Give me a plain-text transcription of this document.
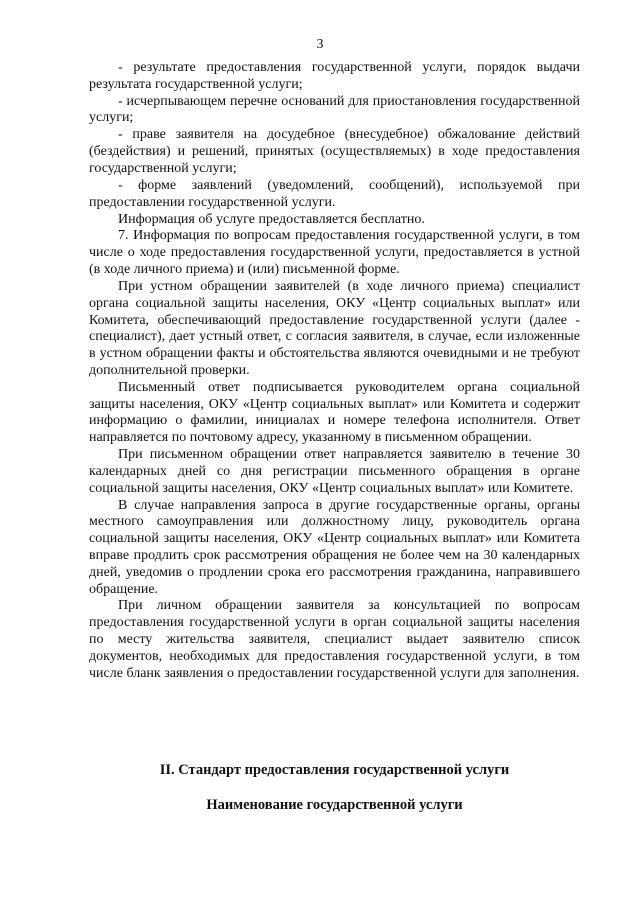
3

- результате предоставления государственной услуги, порядок выдачи результата государственной услуги;

- исчерпывающем перечне оснований для приостановления государственной услуги;

- праве заявителя на досудебное (внесудебное) обжалование действий (бездействия) и решений, принятых (осуществляемых) в ходе предоставления государственной услуги;

- форме заявлений (уведомлений, сообщений), используемой при предоставлении государственной услуги.

Информация об услуге предоставляется бесплатно.

7. Информация по вопросам предоставления государственной услуги, в том числе о ходе предоставления государственной услуги, предоставляется в устной (в ходе личного приема) и (или) письменной форме.

При устном обращении заявителей (в ходе личного приема) специалист органа социальной защиты населения, ОКУ «Центр социальных выплат» или Комитета, обеспечивающий предоставление государственной услуги (далее - специалист), дает устный ответ, с согласия заявителя, в случае, если изложенные в устном обращении факты и обстоятельства являются очевидными и не требуют дополнительной проверки.

Письменный ответ подписывается руководителем органа социальной защиты населения, ОКУ «Центр социальных выплат» или Комитета и содержит информацию о фамилии, инициалах и номере телефона исполнителя. Ответ направляется по почтовому адресу, указанному в письменном обращении.

При письменном обращении ответ направляется заявителю в течение 30 календарных дней со дня регистрации письменного обращения в органе социальной защиты населения, ОКУ «Центр социальных выплат» или Комитете.

В случае направления запроса в другие государственные органы, органы местного самоуправления или должностному лицу, руководитель органа социальной защиты населения, ОКУ «Центр социальных выплат» или Комитета вправе продлить срок рассмотрения обращения не более чем на 30 календарных дней, уведомив о продлении срока его рассмотрения гражданина, направившего обращение.

При личном обращении заявителя за консультацией по вопросам предоставления государственной услуги в орган социальной защиты населения по месту жительства заявителя, специалист выдает заявителю список документов, необходимых для предоставления государственной услуги, в том числе бланк заявления о предоставлении государственной услуги для заполнения.

II. Стандарт предоставления государственной услуги
Наименование государственной услуги
